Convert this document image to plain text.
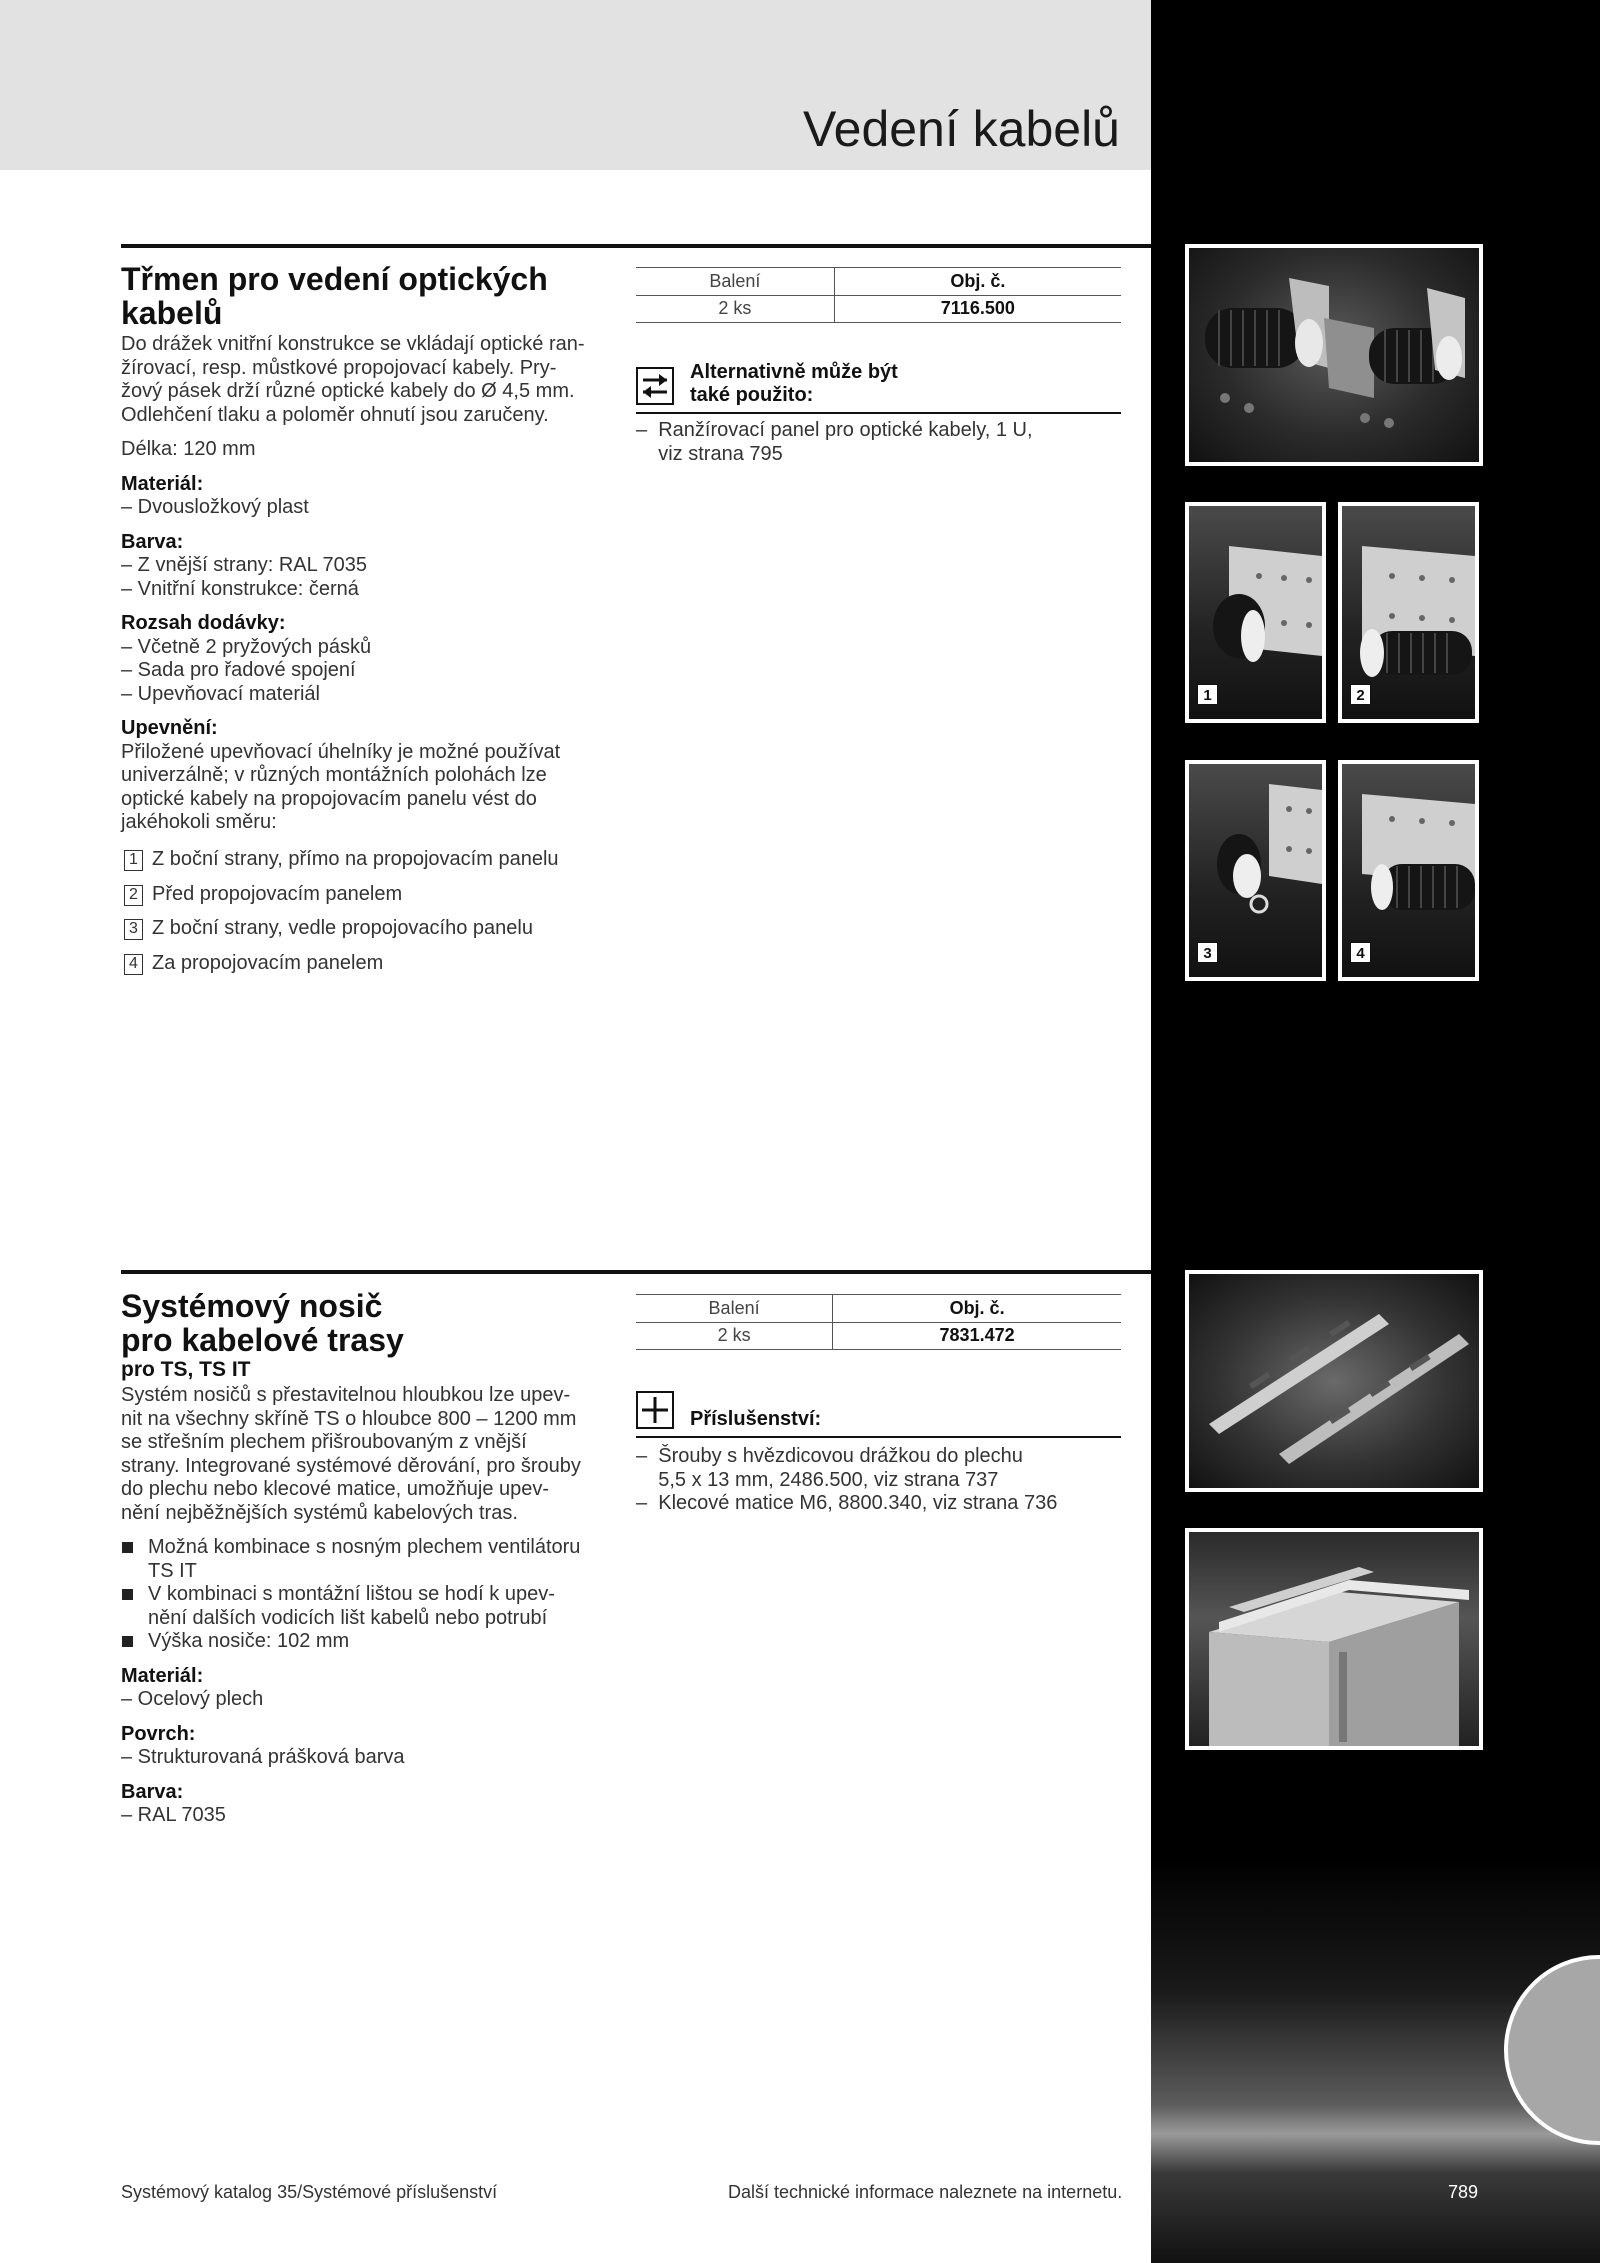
Vedení kabelů
Třmen pro vedení optických
kabelů
Do drážek vnitřní konstrukce se vkládají optické ran-
žírovací, resp. můstkové propojovací kabely. Pry-
žový pásek drží různé optické kabely do Ø 4,5 mm.
Odlehčení tlaku a poloměr ohnutí jsou zaručeny.
Délka: 120 mm
Materiál:
– Dvousložkový plast
Barva:
– Z vnější strany: RAL 7035
– Vnitřní konstrukce: černá
Rozsah dodávky:
– Včetně 2 pryžových pásků
– Sada pro řadové spojení
– Upevňovací materiál
Upevnění:
Přiložené upevňovací úhelníky je možné používat
univerzálně; v různých montážních polohách lze
optické kabely na propojovacím panelu vést do
jakéhokoli směru:
1 Z boční strany, přímo na propojovacím panelu
2 Před propojovacím panelem
3 Z boční strany, vedle propojovacího panelu
4 Za propojovacím panelem
Balení	Obj. č.
2 ks	7116.500
Alternativně může být
také použito:
–  Ranžírovací panel pro optické kabely, 1 U,
viz strana 795
1	2
3	4
Systémový nosič
pro kabelové trasy
pro TS, TS IT
Systém nosičů s přestavitelnou hloubkou lze upev-
nit na všechny skříně TS o hloubce 800 – 1200 mm
se střešním plechem přišroubovaným z vnější
strany. Integrované systémové děrování, pro šrouby
do plechu nebo klecové matice, umožňuje upev-
nění nejběžnějších systémů kabelových tras.
Možná kombinace s nosným plechem ventilátoru
TS IT
V kombinaci s montážní lištou se hodí k upev-
nění dalších vodicích lišt kabelů nebo potrubí
Výška nosiče: 102 mm
Materiál:
– Ocelový plech
Povrch:
– Strukturovaná prášková barva
Barva:
– RAL 7035
Balení	Obj. č.
2 ks	7831.472
Příslušenství:
–  Šrouby s hvězdicovou drážkou do plechu
5,5 x 13 mm, 2486.500, viz strana 737
–  Klecové matice M6, 8800.340, viz strana 736
Systémový katalog 35/Systémové příslušenství	Další technické informace naleznete na internetu.	789
